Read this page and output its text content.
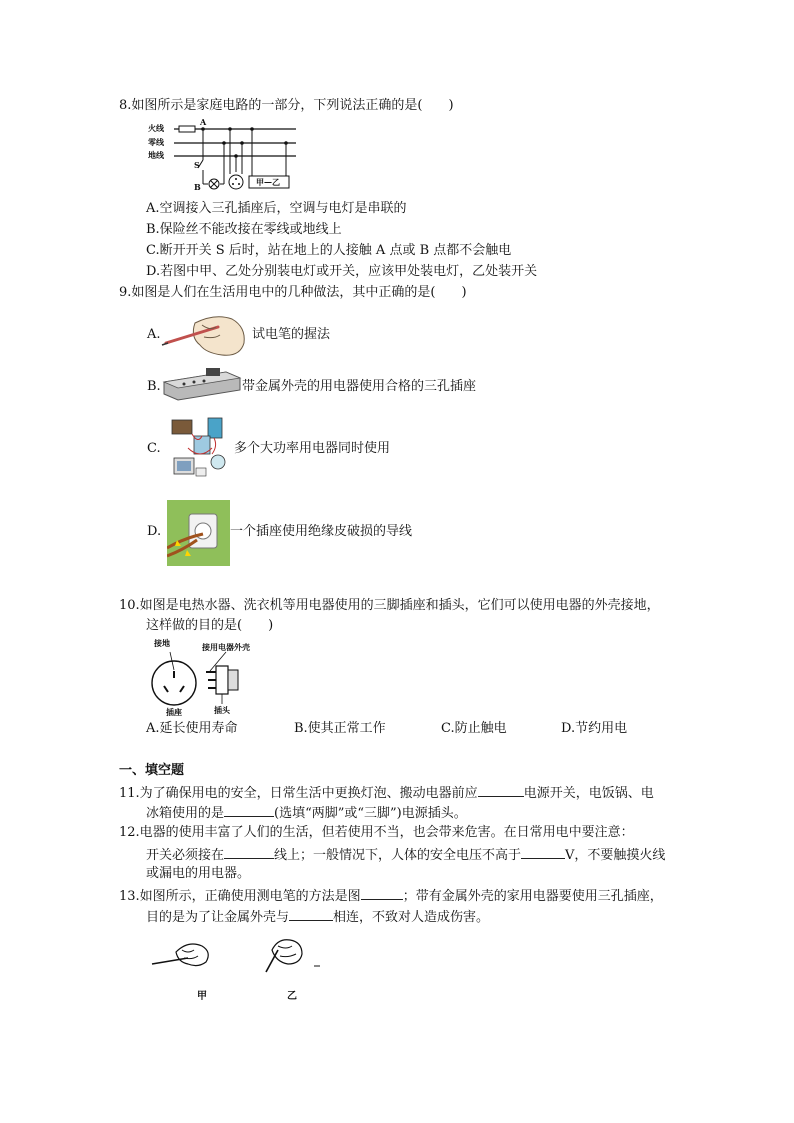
8.如图所示是家庭电路的一部分，下列说法正确的是(　　)
火线
零线
地线
A
S
B	甲—乙
A.空调接入三孔插座后，空调与电灯是串联的
B.保险丝不能改接在零线或地线上
C.断开开关 S 后时，站在地上的人接触 A 点或 B 点都不会触电
D.若图中甲、乙处分别装电灯或开关，应该甲处装电灯，乙处装开关
9.如图是人们在生活用电中的几种做法，其中正确的是(　　)
A.	试电笔的握法
B.	带金属外壳的用电器使用合格的三孔插座
C.	多个大功率用电器同时使用
D.	一个插座使用绝缘皮破损的导线
10.如图是电热水器、洗衣机等用电器使用的三脚插座和插头，它们可以使用电器的外壳接地，
这样做的目的是(　　)
接地
插座
接用电器外壳
插头
A.延长使用寿命	B.使其正常工作	C.防止触电	D.节约用电
一、填空题
11.为了确保用电的安全，日常生活中更换灯泡、搬动电器前应	电源开关，电饭锅、电
冰箱使用的是	(选填“两脚”或“三脚”)电源插头。
12.电器的使用丰富了人们的生活，但若使用不当，也会带来危害。在日常用电中要注意：
开关必须接在	线上；一般情况下，人体的安全电压不高于	V，不要触摸火线
或漏电的用电器。
13.如图所示，正确使用测电笔的方法是图	；带有金属外壳的家用电器要使用三孔插座，
目的是为了让金属外壳与	相连，不致对人造成伤害。
甲	乙
